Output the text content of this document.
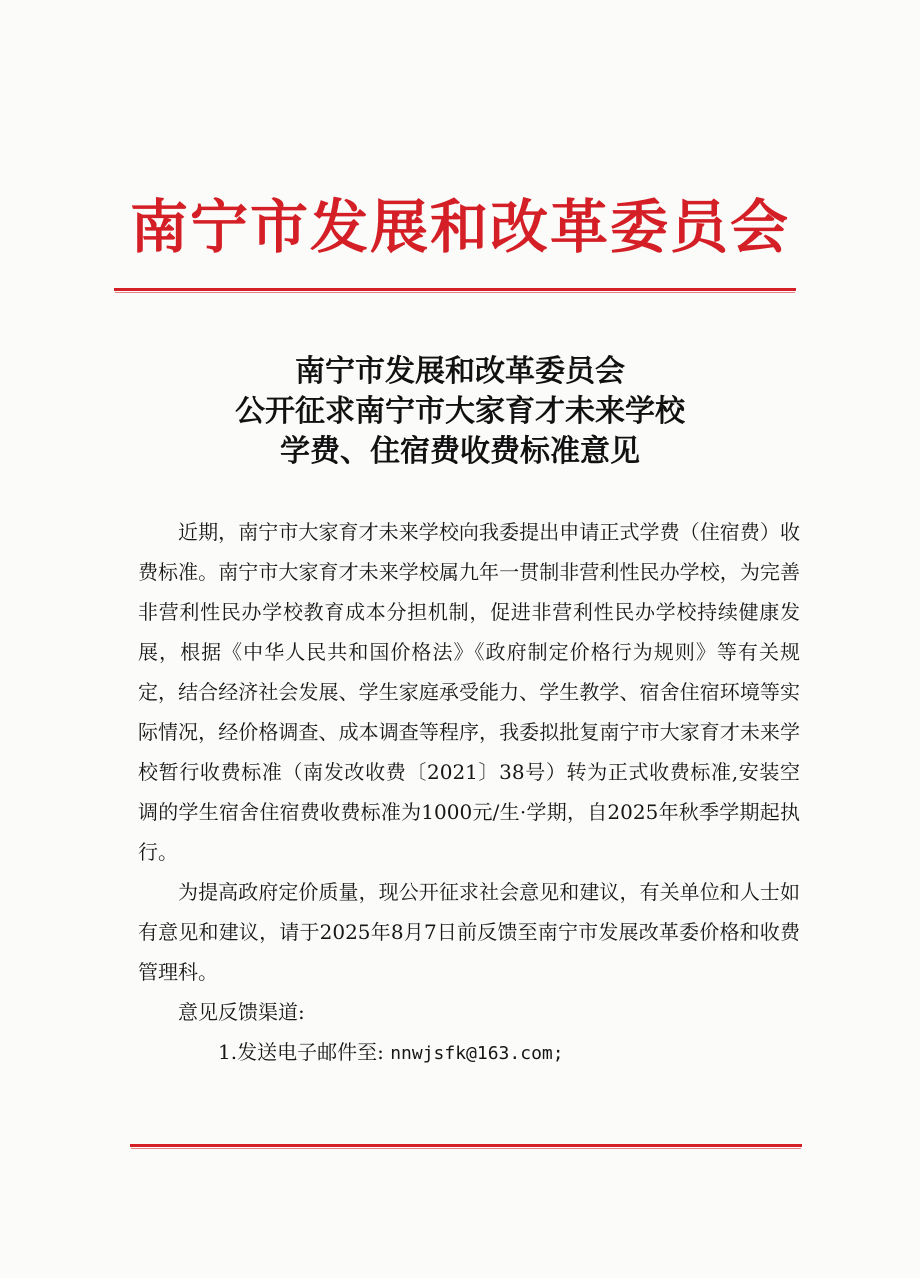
南宁市发展和改革委员会
南宁市发展和改革委员会
公开征求南宁市大家育才未来学校
学费、住宿费收费标准意见

近期，南宁市大家育才未来学校向我委提出申请正式学费（住宿费）收费标准。南宁市大家育才未来学校属九年一贯制非营利性民办学校，为完善非营利性民办学校教育成本分担机制，促进非营利性民办学校持续健康发展，根据《中华人民共和国价格法》《政府制定价格行为规则》等有关规定，结合经济社会发展、学生家庭承受能力、学生教学、宿舍住宿环境等实际情况，经价格调查、成本调查等程序，我委拟批复南宁市大家育才未来学校暂行收费标准（南发改收费〔2021〕38号）转为正式收费标准,安装空调的学生宿舍住宿费收费标准为1000元/生·学期，自2025年秋季学期起执行。

为提高政府定价质量，现公开征求社会意见和建议，有关单位和人士如有意见和建议，请于2025年8月7日前反馈至南宁市发展改革委价格和收费管理科。

意见反馈渠道:

1.发送电子邮件至: nnwjsfk@163.com;
